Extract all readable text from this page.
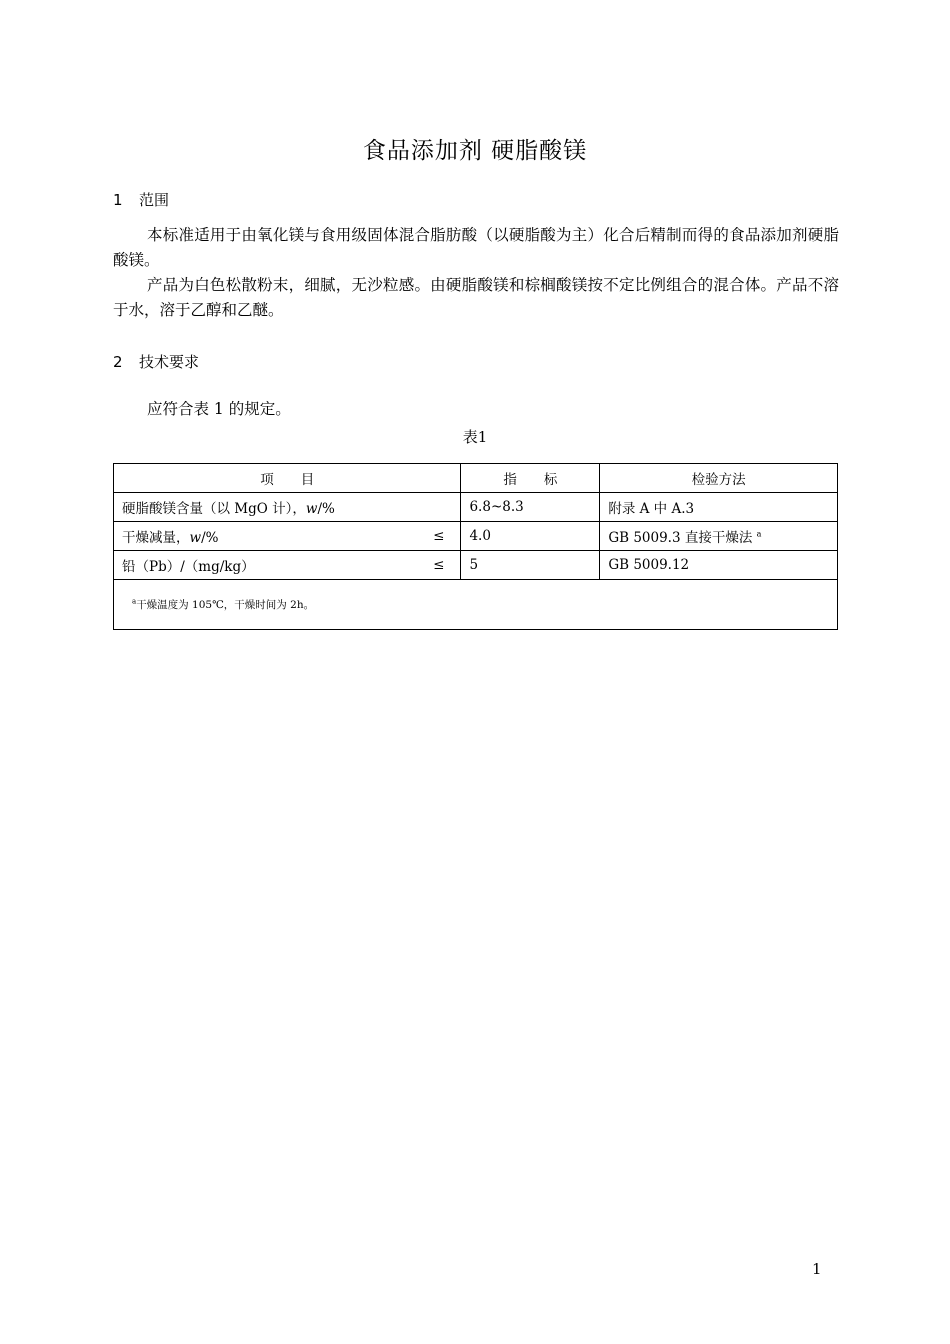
食品添加剂 硬脂酸镁
1 范围
本标准适用于由氧化镁与食用级固体混合脂肪酸（以硬脂酸为主）化合后精制而得的食品添加剂硬脂酸镁。
产品为白色松散粉末，细腻，无沙粒感。由硬脂酸镁和棕榈酸镁按不定比例组合的混合体。产品不溶于水，溶于乙醇和乙醚。
2 技术要求
应符合表 1 的规定。
表1
项　　目	指　　标	检验方法
硬脂酸镁含量（以 MgO 计），w/%	6.8~8.3	附录 A 中 A.3
干燥减量，w/% ≤	4.0	GB 5009.3 直接干燥法 $^a$
铅（Pb）/（mg/kg） ≤	5	GB 5009.12
$^a$干燥温度为 105℃，干燥时间为 2h。		
1
